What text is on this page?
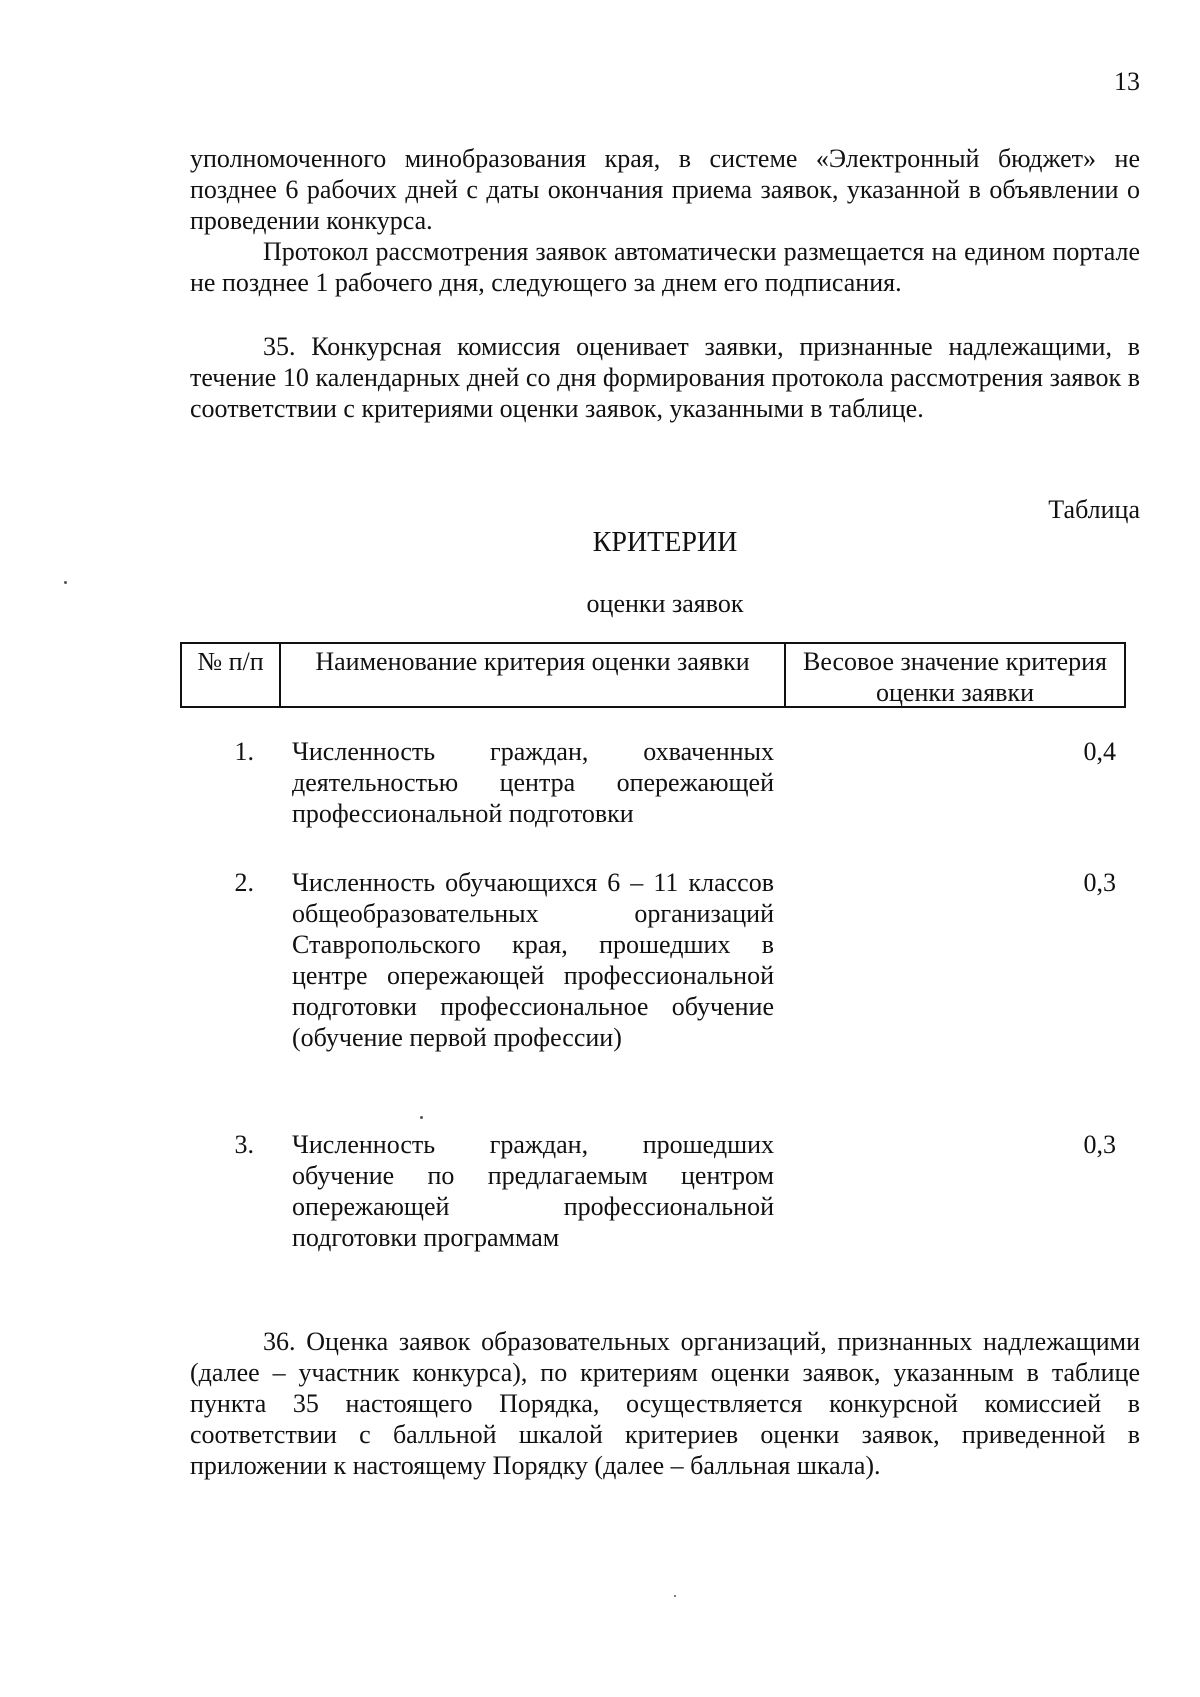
13

уполномоченного минобразования края, в системе «Электронный бюджет» не позднее 6 рабочих дней с даты окончания приема заявок, указанной в объявлении о проведении конкурса.

Протокол рассмотрения заявок автоматически размещается на едином портале не позднее 1 рабочего дня, следующего за днем его подписания.

35. Конкурсная комиссия оценивает заявки, признанные надлежащими, в течение 10 календарных дней со дня формирования протокола рассмотрения заявок в соответствии с критериями оценки заявок, указанными в таблице.

Таблица
КРИТЕРИИ
оценки заявок
№ п/п	Наименование критерия оценки заявки	Весовое значение критерия оценки заявки
1. Численность граждан, охваченных деятельностью центра опережающей профессиональной подготовки
0,4
2. Численность обучающихся 6 – 11 классов общеобразовательных организаций Ставропольского края, прошедших в центре опережающей профессиональной подготовки профессиональное обучение (обучение первой профессии)
0,3
3. Численность граждан, прошедших обучение по предлагаемым центром опережающей профессиональной подготовки программам
0,3

36. Оценка заявок образовательных организаций, признанных надлежащими (далее – участник конкурса), по критериям оценки заявок, указанным в таблице пункта 35 настоящего Порядка, осуществляется конкурсной комиссией в соответствии с балльной шкалой критериев оценки заявок, приведенной в приложении к настоящему Порядку (далее – балльная шкала).
